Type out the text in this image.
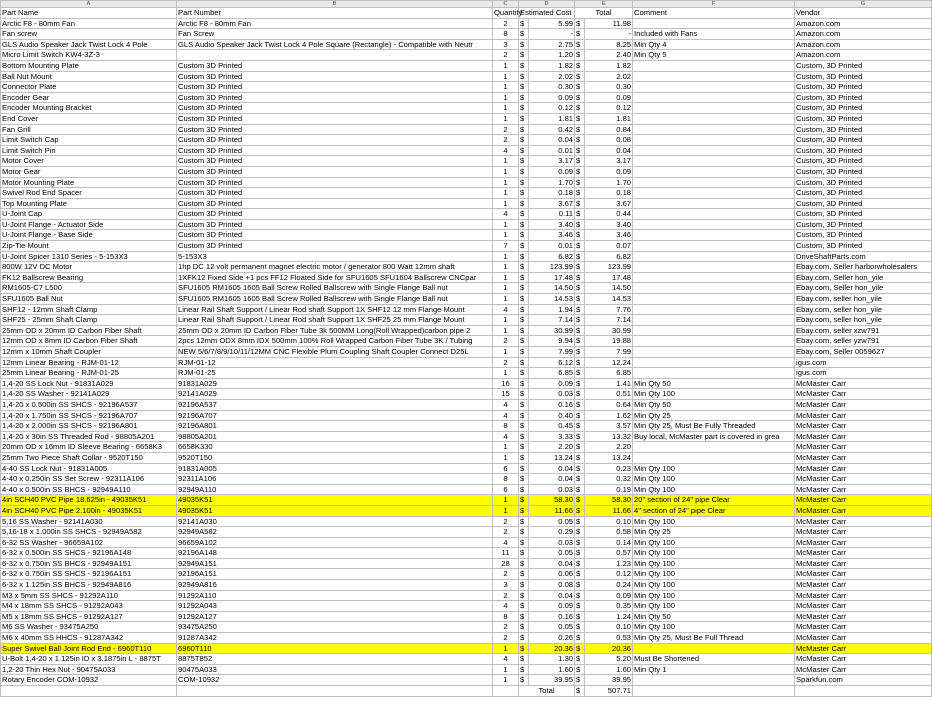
A	B	C	D		E		F	G
Part Name	Part Number	Quantity	Estimated Cost		Total		Comment	Vendor
Arctic F8 - 80mm Fan	Arctic F8 - 80mm Fan	2	$	5.99	$	11.98		Amazon.com
Fan screw	Fan Screw	8	$	-	$	-	Included with Fans	Amazon.com
GLS Audio Speaker Jack Twist Lock 4 Pole	GLS Audio Speaker Jack Twist Lock 4 Pole Square (Rectangle) - Compatible with Neutr	3	$	2.75	$	8.25	Min Qty 4	Amazon.com
Micro Limit Switch KW4-3Z-3		2	$	1.20	$	2.40	Min Qty 5	Amazon.com
Bottom Mounting Plate	Custom 3D Printed	1	$	1.82	$	1.82		Custom, 3D Printed
Ball Nut Mount	Custom 3D Printed	1	$	2.02	$	2.02		Custom, 3D Printed
Connector Plate	Custom 3D Printed	1	$	0.30	$	0.30		Custom, 3D Printed
Encoder Gear	Custom 3D Printed	1	$	0.09	$	0.09		Custom, 3D Printed
Encoder Mounting Bracket	Custom 3D Printed	1	$	0.12	$	0.12		Custom, 3D Printed
End Cover	Custom 3D Printed	1	$	1.81	$	1.81		Custom, 3D Printed
Fan Grill	Custom 3D Printed	2	$	0.42	$	0.84		Custom, 3D Printed
Limit Switch Cap	Custom 3D Printed	2	$	0.04	$	0.08		Custom, 3D Printed
Limit Switch Pin	Custom 3D Printed	4	$	0.01	$	0.04		Custom, 3D Printed
Motor Cover	Custom 3D Printed	1	$	3.17	$	3.17		Custom, 3D Printed
Motor Gear	Custom 3D Printed	1	$	0.09	$	0.09		Custom, 3D Printed
Motor Mounting Plate	Custom 3D Printed	1	$	1.70	$	1.70		Custom, 3D Printed
Swivel Rod End Spacer	Custom 3D Printed	1	$	0.18	$	0.18		Custom, 3D Printed
Top Mounting Plate	Custom 3D Printed	1	$	3.67	$	3.67		Custom, 3D Printed
U-Joint Cap	Custom 3D Printed	4	$	0.11	$	0.44		Custom, 3D Printed
U-Joint Flange - Actuator Side	Custom 3D Printed	1	$	3.40	$	3.40		Custom, 3D Printed
U-Joint Flange - Base Side	Custom 3D Printed	1	$	3.46	$	3.46		Custom, 3D Printed
Zip-Tie Mount	Custom 3D Printed	7	$	0.01	$	0.07		Custom, 3D Printed
U-Joint Spicer 1310 Series - 5-153X3	5-153X3	1	$	6.82	$	6.82		DriveShaftParts.com
800W 12V DC Motor	1hp DC 12 volt permanent magnet electric motor / generator 800 Watt 12mm shaft	1	$	123.99	$	123.99		Ebay.com, Seller harborwholesalers
FK12 Ballscrew Bearing	1XFK12 Fixed Side +1 pcs FF12 Floated Side for SFU1605 SFU1604 Ballscrew CNCpar	1	$	17.48	$	17.48		Ebay.com, Seller hon_yile
RM1605-C7 L500	SFU1605 RM1605 1605 Ball Screw Rolled Ballscrew with Single Flange Ball nut	1	$	14.50	$	14.50		Ebay.com, Seller hon_yile
SFU1605 Ball Nut	SFU1605 RM1605 1605 Ball Screw Rolled Ballscrew with Single Flange Ball nut	1	$	14.53	$	14.53		Ebay.com, seller hon_yile
SHF12 - 12mm Shaft Clamp	Linear Rail Shaft Support / Linear Rod shaft Support 1X SHF12 12 mm Flange Mount	4	$	1.94	$	7.76		Ebay.com, seller hon_yile
SHF25 - 25mm Shaft Clamp	Linear Rail Shaft Support / Linear Rod shaft Support 1X SHF25 25 mm Flange Mount	1	$	7.14	$	7.14		Ebay.com, seller hon_yile
25mm OD x 20mm ID Carbon Fiber Shaft	25mm OD x 20mm ID Carbon Fiber Tube 3k 500MM Long(Roll Wrapped)carbon pipe 2	1	$	30.99	$	30.99		Ebay.com, seller xzw791
12mm OD x 8mm ID Carbon Fiber Shaft	2pcs 12mm ODX 8mm IDX 500mm 100% Roll Wrapped Carbon Fiber Tube 3K / Tubing	2	$	9.94	$	19.88		Ebay.com, seller yzw791
12mm x 10mm Shaft Coupler	NEW 5/6/7/8/9/10/11/12MM CNC Flexible Plum Coupling Shaft Coupler Connect D25L	1	$	7.99	$	7.99		Ebay.com, Seller 0059627
12mm Linear Bearing - RJM-01-12	RJM-01-12	2	$	6.12	$	12.24		igus.com
25mm Linear Bearing - RJM-01-25	RJM-01-25	1	$	6.85	$	6.85		igus.com
1,4-20 SS Lock Nut - 91831A029	91831A029	16	$	0.09	$	1.41	Min Qty 50	McMaster Carr
1,4-20 SS Washer - 92141A029	92141A029	15	$	0.03	$	0.51	Min Qty 100	McMaster Carr
1,4-20 x 0.500in SS SHCS - 92196A537	92196A537	4	$	0.16	$	0.64	Min Qty 50	McMaster Carr
1,4-20 x 1.750in SS SHCS - 92196A707	92196A707	4	$	0.40	$	1.62	Min Qty 25	McMaster Carr
1,4-20 x 2.000in SS SHCS - 92196A801	92196A801	8	$	0.45	$	3.57	Min Qty 25, Must Be Fully Threaded	McMaster Carr
1,4-20 x 30in SS Threaded Rod - 98805A201	98805A201	4	$	3.33	$	13.32	Buy local, McMaster part is covered in grea	McMaster Carr
20mm OD x 16mm ID Sleeve Bearing - 6658K3	6658K330	1	$	2.20	$	2.20		McMaster Carr
25mm Two Piece Shaft Collar - 9520T150	9520T150	1	$	13.24	$	13.24		McMaster Carr
4-40 SS Lock Nut - 91831A005	91831A005	6	$	0.04	$	0.23	Min Qty 100	McMaster Carr
4-40 x 0.250in SS Set Screw - 92311A106	92311A106	8	$	0.04	$	0.32	Min Qty 100	McMaster Carr
4-40 x 0.500in SS BHCS - 92949A110	92949A110	6	$	0.03	$	0.19	Min Qty 100	McMaster Carr
4in SCH40 PVC Pipe 18.625in - 49035K51	49035K51	1	$	58.30	$	58.30	20" section of 24" pipe Clear	McMaster Carr
4in SCH40 PVC Pipe 2.100in - 49035K51	49035K51	1	$	11.66	$	11.66	4" section of 24" pipe Clear	McMaster Carr
5,16 SS Washer - 92141A030	92141A030	2	$	0.05	$	0.10	Min Qty 100	McMaster Carr
5,16-18 x 1.000in SS SHCS - 92949A582	92949A582	2	$	0.29	$	0.58	Min Qty 25	McMaster Carr
6-32 SS Washer - 96659A102	96659A102	4	$	0.03	$	0.14	Min Qty 100	McMaster Carr
6-32 x 0.500in SS SHCS - 92196A148	92196A148	11	$	0.05	$	0.57	Min Qty 100	McMaster Carr
6-32 x 0.750in SS BHCS - 92949A151	92949A151	28	$	0.04	$	1.23	Min Qty 100	McMaster Carr
6-32 x 0.750in SS SHCS - 92196A151	92196A151	2	$	0.06	$	0.12	Min Qty 100	McMaster Carr
6-32 x 1.125in SS BHCS - 92949A816	92949A816	3	$	0.08	$	0.24	Min Qty 100	McMaster Carr
M3 x 5mm SS SHCS - 91292A110	91292A110	2	$	0.04	$	0.09	Min Qty 100	McMaster Carr
M4 x 18mm SS SHCS - 91292A043	91292A043	4	$	0.09	$	0.35	Min Qty 100	McMaster Carr
M5 x 18mm SS SHCS - 91292A127	91292A127	8	$	0.16	$	1.24	Min Qty 50	McMaster Carr
M6 SS Washer - 93475A250	93475A250	2	$	0.05	$	0.10	Min Qty 100	McMaster Carr
M6 x 40mm SS HHCS - 91287A342	91287A342	2	$	0.26	$	0.53	Min Qty 25, Must Be Full Thread	McMaster Carr
Super Swivel Ball Joint Rod End - 6960T110	6960T110	1	$	20.36	$	20.36		McMaster Carr
U-Bolt 1,4-20 x 1.125in ID x 3.1875in L - 8875T	8875T852	4	$	1.30	$	5.20	Must Be Shortened	McMaster Carr
1,2-20 Thin Hex Nut - 90475A033	90475A033	1	$	1.60	$	1.60	Min Qty 1	McMaster Carr
Rotary Encoder COM-10932	COM-10932	1	$	39.95	$	39.95		Sparkfun.com
			Total		$	507.71		
